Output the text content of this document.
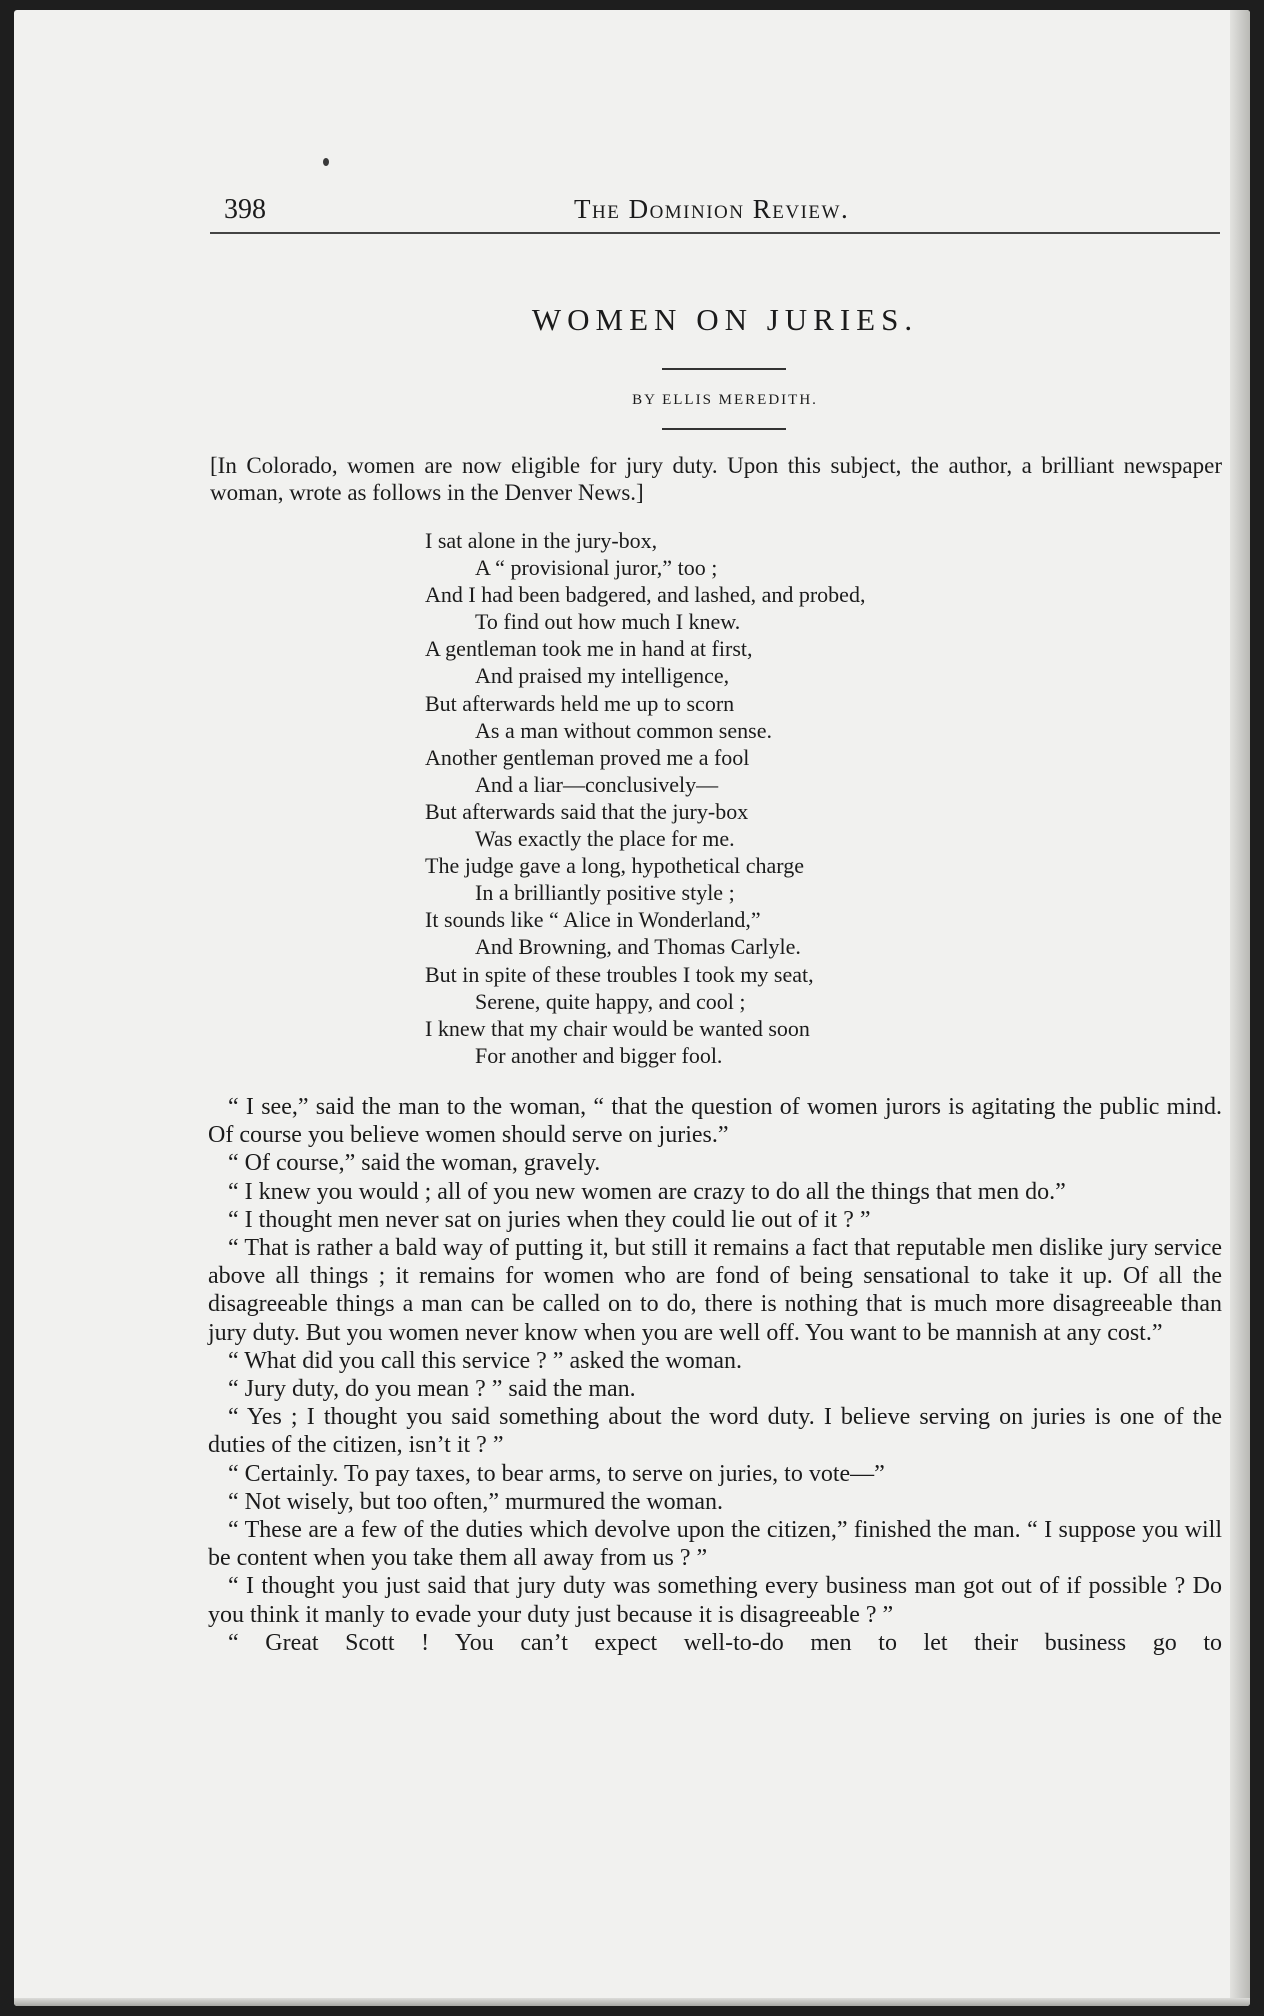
398	The Dominion Review.
WOMEN ON JURIES.
BY ELLIS MEREDITH.
[In Colorado, women are now eligible for jury duty. Upon this subject, the author, a brilliant newspaper woman, wrote as follows in the Denver News.]
I sat alone in the jury-box,
A “ provisional juror,” too ;
And I had been badgered, and lashed, and probed,
To find out how much I knew.
A gentleman took me in hand at first,
And praised my intelligence,
But afterwards held me up to scorn
As a man without common sense.
Another gentleman proved me a fool
And a liar—conclusively—
But afterwards said that the jury-box
Was exactly the place for me.
The judge gave a long, hypothetical charge
In a brilliantly positive style ;
It sounds like “ Alice in Wonderland,”
And Browning, and Thomas Carlyle.
But in spite of these troubles I took my seat,
Serene, quite happy, and cool ;
I knew that my chair would be wanted soon
For another and bigger fool.

“ I see,” said the man to the woman, “ that the question of women jurors is agitating the public mind. Of course you believe women should serve on juries.”

“ Of course,” said the woman, gravely.

“ I knew you would ; all of you new women are crazy to do all the things that men do.”

“ I thought men never sat on juries when they could lie out of it ? ”

“ That is rather a bald way of putting it, but still it remains a fact that reputable men dislike jury service above all things ; it remains for women who are fond of being sensational to take it up. Of all the disagreeable things a man can be called on to do, there is nothing that is much more disagreeable than jury duty. But you women never know when you are well off. You want to be mannish at any cost.”

“ What did you call this service ? ” asked the woman.

“ Jury duty, do you mean ? ” said the man.

“ Yes ; I thought you said something about the word duty. I believe serving on juries is one of the duties of the citizen, isn’t it ? ”

“ Certainly. To pay taxes, to bear arms, to serve on juries, to vote—”

“ Not wisely, but too often,” murmured the woman.

“ These are a few of the duties which devolve upon the citizen,” finished the man. “ I suppose you will be content when you take them all away from us ? ”

“ I thought you just said that jury duty was something every business man got out of if possible ? Do you think it manly to evade your duty just because it is disagreeable ? ”

“ Great Scott ! You can’t expect well-to-do men to let their business go to
